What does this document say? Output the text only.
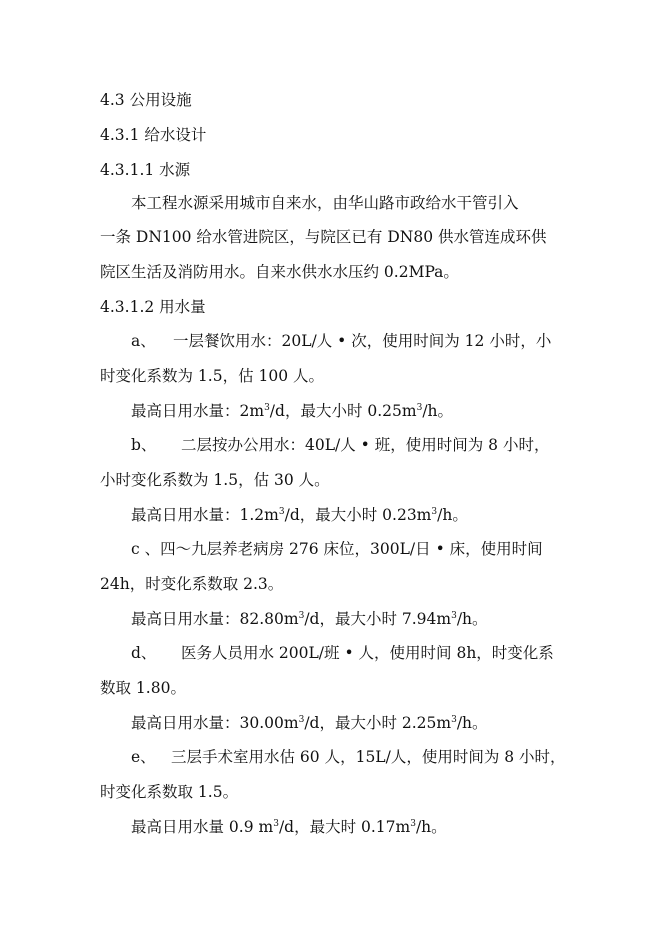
4.3 公用设施
4.3.1 给水设计
4.3.1.1 水源
本工程水源采用城市自来水，由华山路市政给水干管引入
一条 DN100 给水管进院区，与院区已有 DN80 供水管连成环供
院区生活及消防用水。自来水供水水压约 0.2MPa。
4.3.1.2 用水量
a、 一层餐饮用水：20L/人 • 次，使用时间为 12 小时，小
时变化系数为 1.5，估 100 人。
最高日用水量：$2m^3/d$，最大小时 $0.25m^3/h$。
b、 二层按办公用水：40L/人 • 班，使用时间为 8 小时，
小时变化系数为 1.5，估 30 人。
最高日用水量：$1.2m^3/d$，最大小时 $0.23m^3/h$。
c 、四～九层养老病房 276 床位，300L/日 • 床，使用时间
24h，时变化系数取 2.3。
最高日用水量：$82.80m^3/d$，最大小时 $7.94m^3/h$。
d、 医务人员用水 200L/班 • 人，使用时间 8h，时变化系
数取 1.80。
最高日用水量：$30.00m^3/d$，最大小时 $2.25m^3/h$。
e、 三层手术室用水估 60 人，15L/人，使用时间为 8 小时，
时变化系数取 1.5。
最高日用水量 0.9 $m^3/d$，最大时 $0.17m^3/h$。
